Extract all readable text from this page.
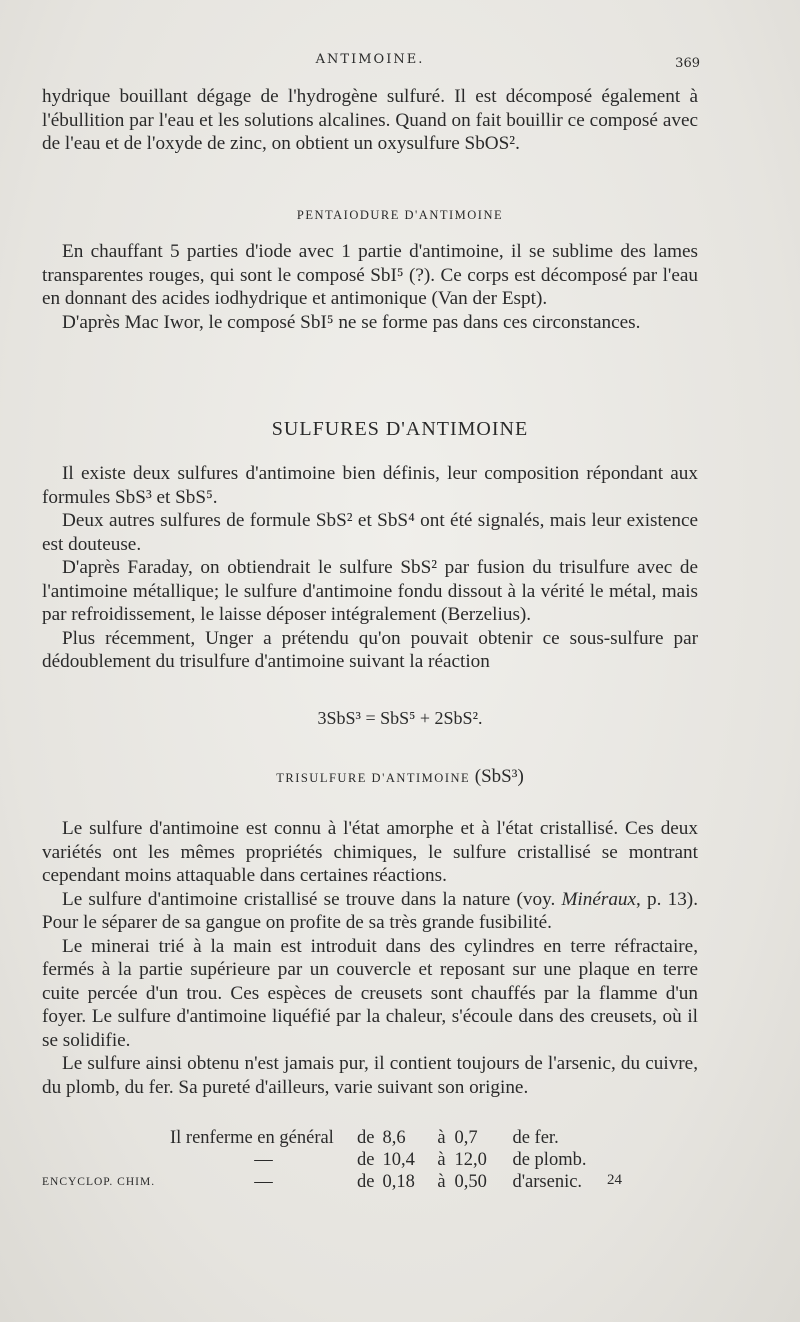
ANTIMOINE.	369

hydrique bouillant dégage de l'hydrogène sulfuré. Il est décomposé également à l'ébullition par l'eau et les solutions alcalines. Quand on fait bouillir ce composé avec de l'eau et de l'oxyde de zinc, on obtient un oxysulfure SbOS².

PENTAIODURE D'ANTIMOINE

En chauffant 5 parties d'iode avec 1 partie d'antimoine, il se sublime des lames transparentes rouges, qui sont le composé SbI⁵ (?). Ce corps est décomposé par l'eau en donnant des acides iodhydrique et antimonique (Van der Espt).

D'après Mac Iwor, le composé SbI⁵ ne se forme pas dans ces circonstances.

SULFURES D'ANTIMOINE

Il existe deux sulfures d'antimoine bien définis, leur composition répondant aux formules SbS³ et SbS⁵.

Deux autres sulfures de formule SbS² et SbS⁴ ont été signalés, mais leur existence est douteuse.

D'après Faraday, on obtiendrait le sulfure SbS² par fusion du trisulfure avec de l'antimoine métallique; le sulfure d'antimoine fondu dissout à la vérité le métal, mais par refroidissement, le laisse déposer intégralement (Berzelius).

Plus récemment, Unger a prétendu qu'on pouvait obtenir ce sous-sulfure par dédoublement du trisulfure d'antimoine suivant la réaction

3SbS³ = SbS⁵ + 2SbS².
TRISULFURE D'ANTIMOINE (SbS³)

Le sulfure d'antimoine est connu à l'état amorphe et à l'état cristallisé. Ces deux variétés ont les mêmes propriétés chimiques, le sulfure cristallisé se montrant cependant moins attaquable dans certaines réactions.

Le sulfure d'antimoine cristallisé se trouve dans la nature (voy. Minéraux, p. 13). Pour le séparer de sa gangue on profite de sa très grande fusibilité.

Le minerai trié à la main est introduit dans des cylindres en terre réfractaire, fermés à la partie supérieure par un couvercle et reposant sur une plaque en terre cuite percée d'un trou. Ces espèces de creusets sont chauffés par la flamme d'un foyer. Le sulfure d'antimoine liquéfié par la chaleur, s'écoule dans des creusets, où il se solidifie.

Le sulfure ainsi obtenu n'est jamais pur, il contient toujours de l'arsenic, du cuivre, du plomb, du fer. Sa pureté d'ailleurs, varie suivant son origine.

Il renferme en général	de	8,6	à	0,7	de fer.
—	de	10,4	à	12,0	de plomb.
—	de	0,18	à	0,50	d'arsenic.
ENCYCLOP. CHIM.	24
